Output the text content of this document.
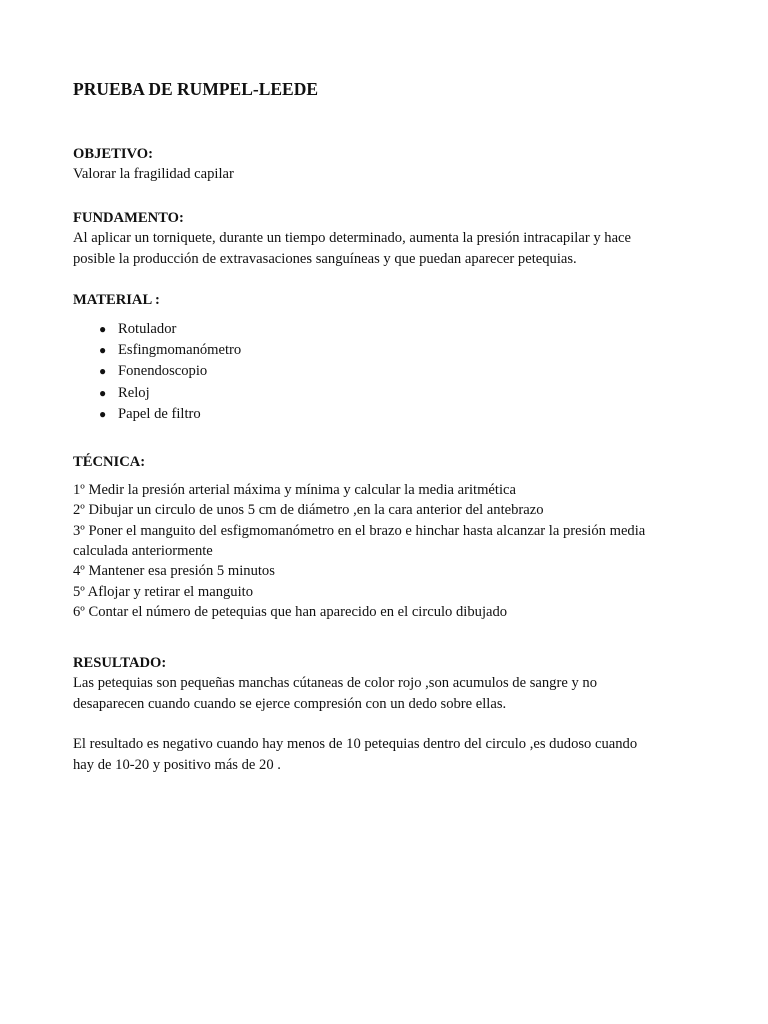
PRUEBA DE RUMPEL-LEEDE
OBJETIVO:
Valorar la fragilidad capilar
FUNDAMENTO:
Al aplicar un torniquete, durante un tiempo determinado, aumenta la presión intracapilar y hace
posible la producción de extravasaciones sanguíneas y que puedan aparecer petequias.
MATERIAL :
● Rotulador
● Esfingmomanómetro
● Fonendoscopio
● Reloj
● Papel de filtro
TÉCNICA:
1º Medir la presión arterial máxima y mínima y calcular la media aritmética
2º Dibujar un circulo de unos 5 cm de diámetro ,en la cara anterior del antebrazo
3º Poner el manguito del esfigmomanómetro en el brazo e hinchar hasta alcanzar la presión media
calculada anteriormente
4º Mantener esa presión 5 minutos
5º Aflojar y retirar el manguito
6º Contar el número de petequias que han aparecido en el circulo dibujado
RESULTADO:
Las petequias son pequeñas manchas cútaneas de color rojo ,son acumulos de sangre y no
desaparecen cuando cuando se ejerce compresión con un dedo sobre ellas.
El resultado es negativo cuando hay menos de 10 petequias dentro del circulo ,es dudoso cuando
hay de 10-20 y positivo más de 20 .
